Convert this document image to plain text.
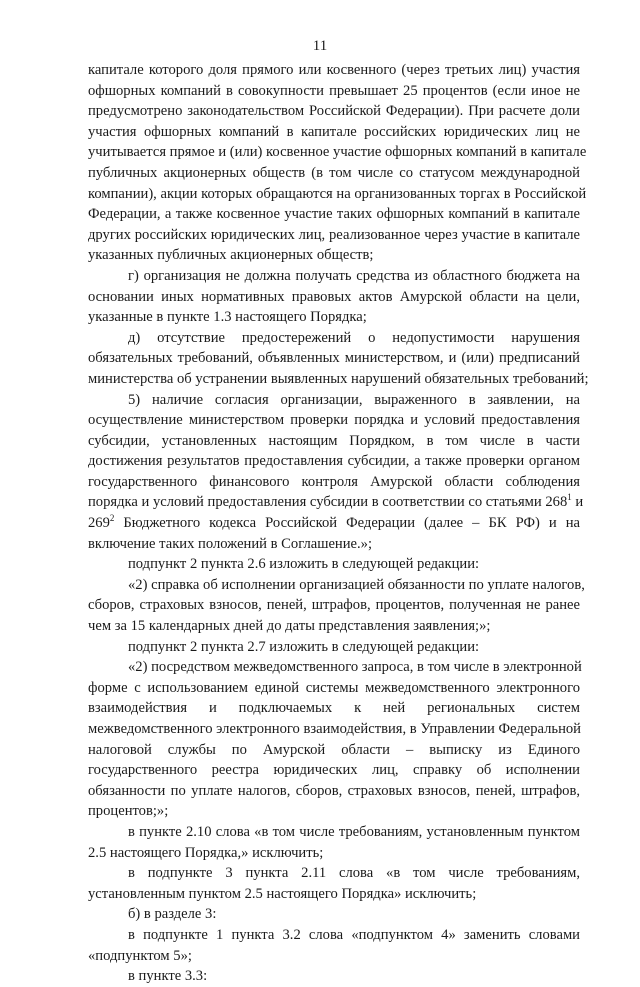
11
капитале которого доля прямого или косвенного (через третьих лиц) участия
офшорных компаний в совокупности превышает 25 процентов (если иное не
предусмотрено законодательством Российской Федерации). При расчете доли
участия офшорных компаний в капитале российских юридических лиц не
учитывается прямое и (или) косвенное участие офшорных компаний в капитале
публичных акционерных обществ (в том числе со статусом международной
компании), акции которых обращаются на организованных торгах в Российской
Федерации, а также косвенное участие таких офшорных компаний в капитале
других российских юридических лиц, реализованное через участие в капитале
указанных публичных акционерных обществ;
г) организация не должна получать средства из областного бюджета на
основании иных нормативных правовых актов Амурской области на цели,
указанные в пункте 1.3 настоящего Порядка;
д) отсутствие предостережений о недопустимости нарушения
обязательных требований, объявленных министерством, и (или) предписаний
министерства об устранении выявленных нарушений обязательных требований;
5) наличие согласия организации, выраженного в заявлении, на
осуществление министерством проверки порядка и условий предоставления
субсидии, установленных настоящим Порядком, в том числе в части
достижения результатов предоставления субсидии, а также проверки органом
государственного финансового контроля Амурской области соблюдения
порядка и условий предоставления субсидии в соответствии со статьями $268^1$ и
$269^2$ Бюджетного кодекса Российской Федерации (далее – БК РФ) и на
включение таких положений в Соглашение.»;
подпункт 2 пункта 2.6 изложить в следующей редакции:
«2) справка об исполнении организацией обязанности по уплате налогов,
сборов, страховых взносов, пеней, штрафов, процентов, полученная не ранее
чем за 15 календарных дней до даты представления заявления;»;
подпункт 2 пункта 2.7 изложить в следующей редакции:
«2) посредством межведомственного запроса, в том числе в электронной
форме с использованием единой системы межведомственного электронного
взаимодействия и подключаемых к ней региональных систем
межведомственного электронного взаимодействия, в Управлении Федеральной
налоговой службы по Амурской области – выписку из Единого
государственного реестра юридических лиц, справку об исполнении
обязанности по уплате налогов, сборов, страховых взносов, пеней, штрафов,
процентов;»;
в пункте 2.10 слова «в том числе требованиям, установленным пунктом
2.5 настоящего Порядка,» исключить;
в подпункте 3 пункта 2.11 слова «в том числе требованиям,
установленным пунктом 2.5 настоящего Порядка» исключить;
б) в разделе 3:
в подпункте 1 пункта 3.2 слова «подпунктом 4» заменить словами
«подпунктом 5»;
в пункте 3.3:
